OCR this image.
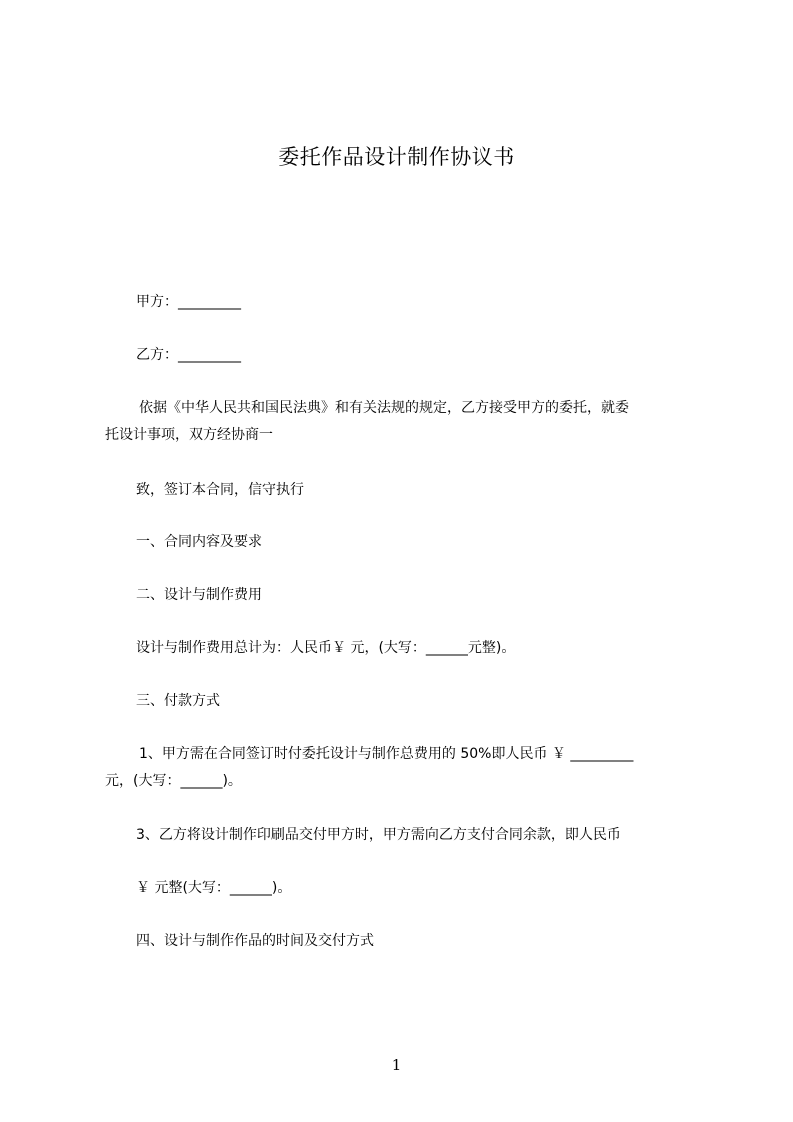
委托作品设计制作协议书
甲方：_________
乙方：_________
依据《中华人民共和国民法典》和有关法规的规定，乙方接受甲方的委托，就委
托设计事项，双方经协商一
致，签订本合同，信守执行
一、合同内容及要求
二、设计与制作费用
设计与制作费用总计为：人民币￥ 元，(大写：______元整)。
三、付款方式
1、甲方需在合同签订时付委托设计与制作总费用的 50%即人民币 ￥ _________
元，(大写：______)。
3、乙方将设计制作印刷品交付甲方时，甲方需向乙方支付合同余款，即人民币
￥ 元整(大写：______)。
四、设计与制作作品的时间及交付方式
1
